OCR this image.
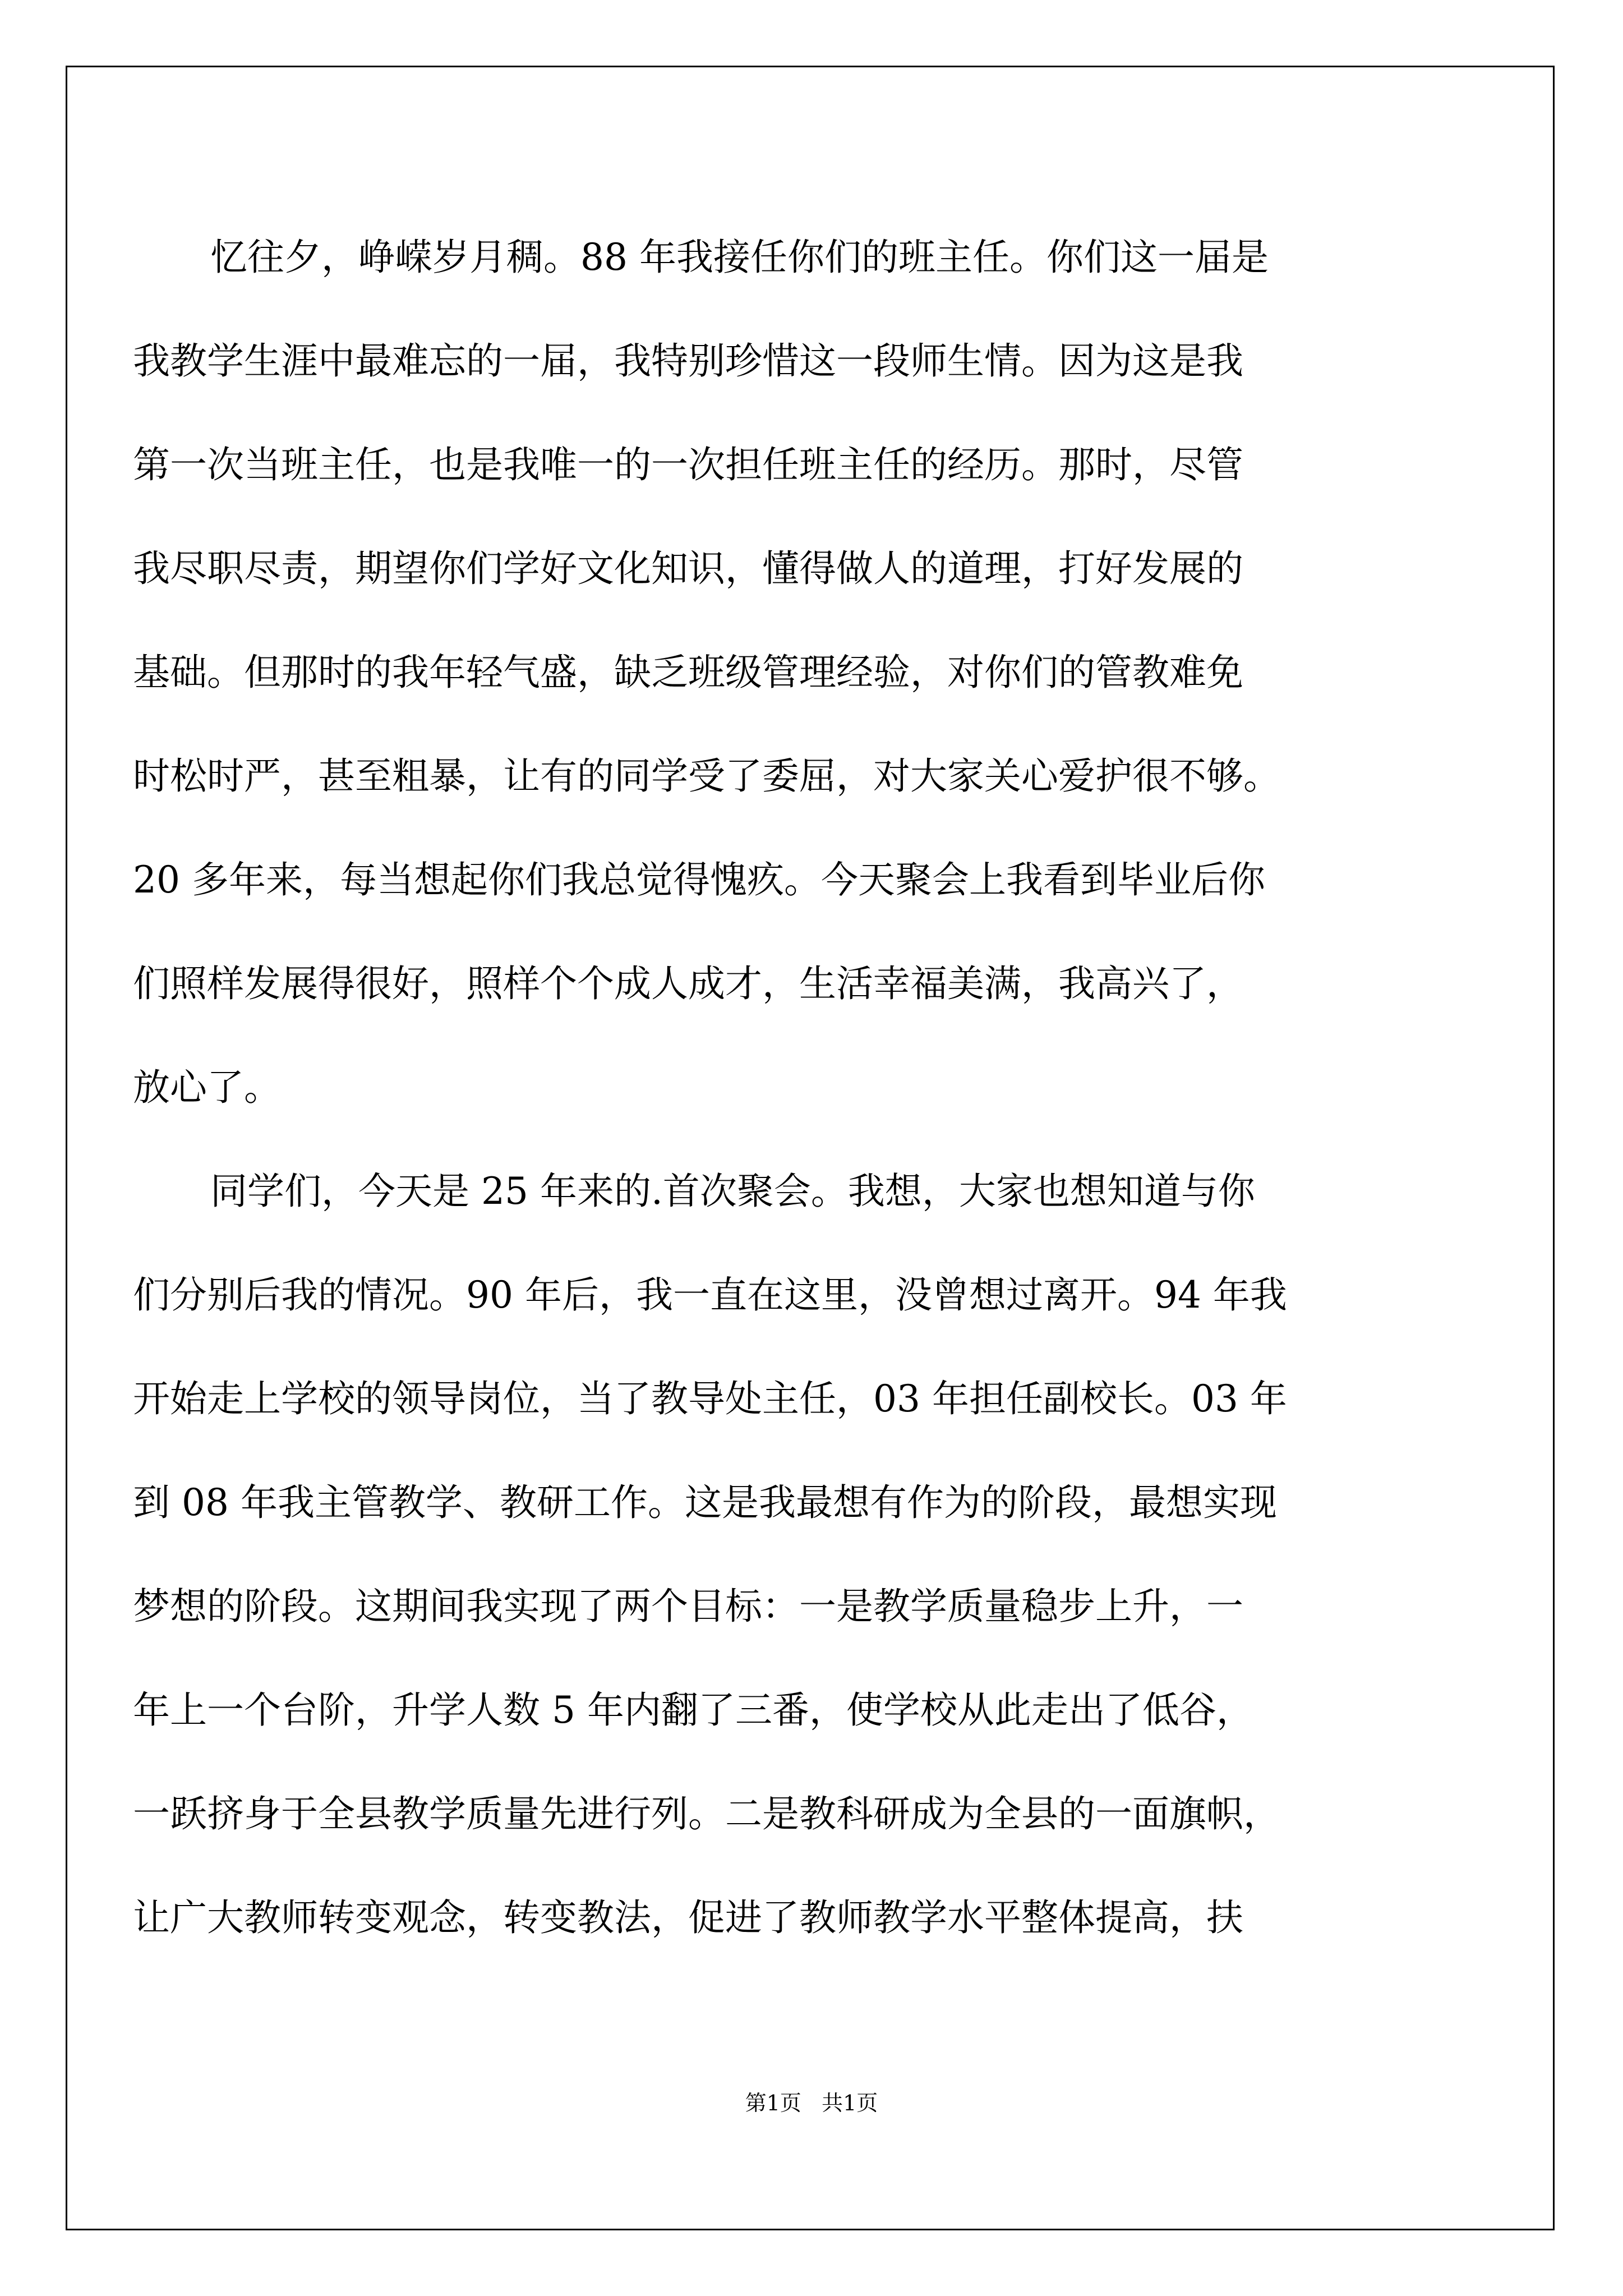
忆往夕，峥嵘岁月稠。88 年我接任你们的班主任。你们这一届是

我教学生涯中最难忘的一届，我特别珍惜这一段师生情。因为这是我

第一次当班主任，也是我唯一的一次担任班主任的经历。那时，尽管

我尽职尽责，期望你们学好文化知识，懂得做人的道理，打好发展的

基础。但那时的我年轻气盛，缺乏班级管理经验，对你们的管教难免

时松时严，甚至粗暴，让有的同学受了委屈，对大家关心爱护很不够。

20 多年来，每当想起你们我总觉得愧疚。今天聚会上我看到毕业后你

们照样发展得很好，照样个个成人成才，生活幸福美满，我高兴了，

放心了。

同学们，今天是 25 年来的.首次聚会。我想，大家也想知道与你

们分别后我的情况。90 年后，我一直在这里，没曾想过离开。94 年我

开始走上学校的领导岗位，当了教导处主任，03 年担任副校长。03 年

到 08 年我主管教学、教研工作。这是我最想有作为的阶段，最想实现

梦想的阶段。这期间我实现了两个目标：一是教学质量稳步上升，一

年上一个台阶，升学人数 5 年内翻了三番，使学校从此走出了低谷，

一跃挤身于全县教学质量先进行列。二是教科研成为全县的一面旗帜，

让广大教师转变观念，转变教法，促进了教师教学水平整体提高，扶

第1页   共1页
